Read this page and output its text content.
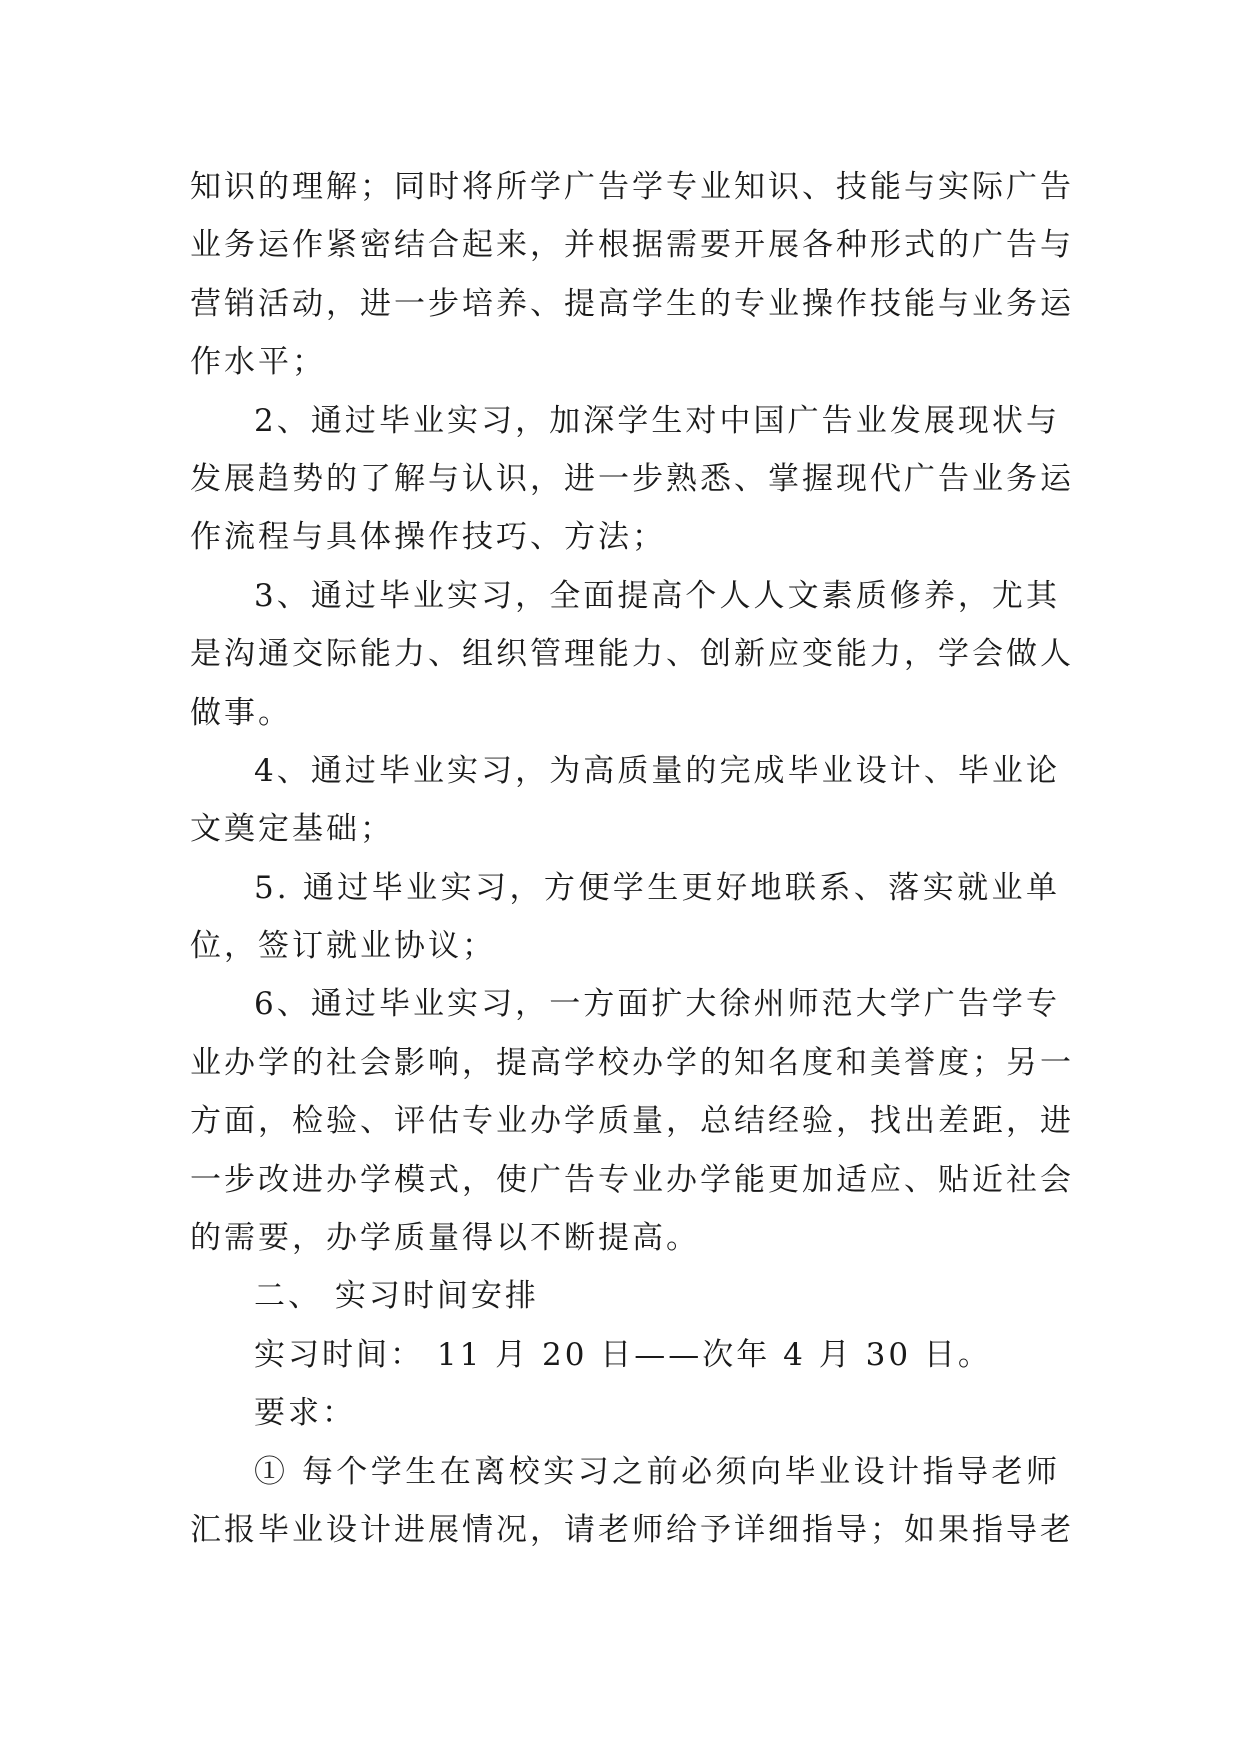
知识的理解；同时将所学广告学专业知识、技能与实际广告
业务运作紧密结合起来，并根据需要开展各种形式的广告与
营销活动，进一步培养、提高学生的专业操作技能与业务运
作水平；
2、通过毕业实习，加深学生对中国广告业发展现状与
发展趋势的了解与认识，进一步熟悉、掌握现代广告业务运
作流程与具体操作技巧、方法；
3、通过毕业实习，全面提高个人人文素质修养，尤其
是沟通交际能力、组织管理能力、创新应变能力，学会做人
做事。
4、通过毕业实习，为高质量的完成毕业设计、毕业论
文奠定基础；
5. 通过毕业实习，方便学生更好地联系、落实就业单
位，签订就业协议；
6、通过毕业实习，一方面扩大徐州师范大学广告学专
业办学的社会影响，提高学校办学的知名度和美誉度；另一
方面，检验、评估专业办学质量，总结经验，找出差距，进
一步改进办学模式，使广告专业办学能更加适应、贴近社会
的需要，办学质量得以不断提高。
二、 实习时间安排
实习时间： 11 月 20 日——次年 4 月 30 日。
要求：
① 每个学生在离校实习之前必须向毕业设计指导老师
汇报毕业设计进展情况，请老师给予详细指导；如果指导老
